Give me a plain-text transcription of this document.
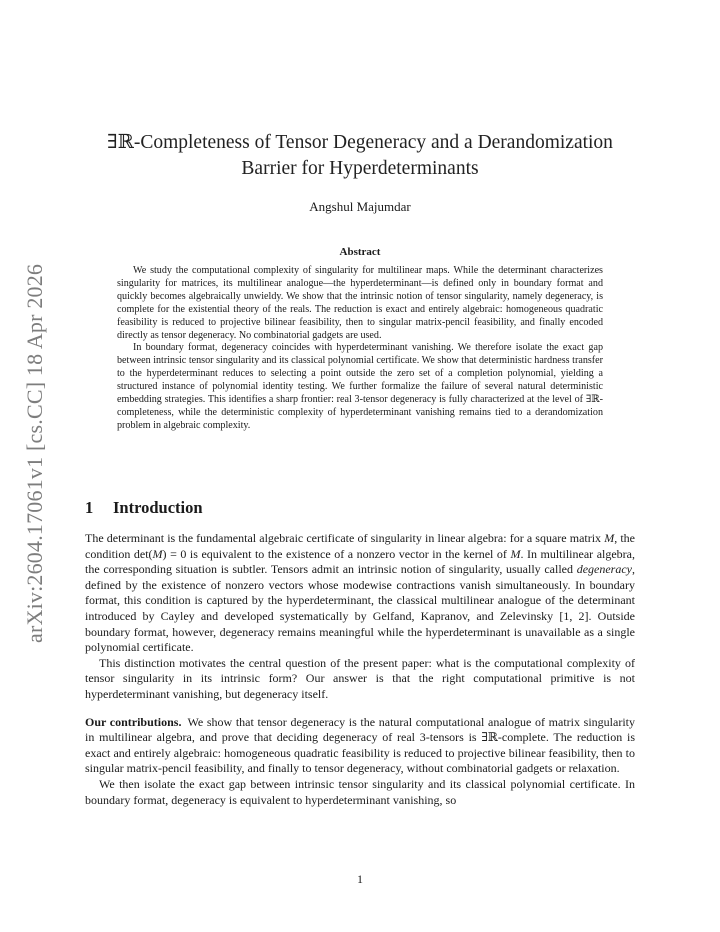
arXiv:2604.17061v1 [cs.CC] 18 Apr 2026
∃ℝ-Completeness of Tensor Degeneracy and a Derandomization
Barrier for Hyperdeterminants
Angshul Majumdar
Abstract

We study the computational complexity of singularity for multilinear maps. While the determinant characterizes singularity for matrices, its multilinear analogue—the hyperdeterminant—is defined only in boundary format and quickly becomes algebraically unwieldy. We show that the intrinsic notion of tensor singularity, namely degeneracy, is complete for the existential theory of the reals. The reduction is exact and entirely algebraic: homogeneous quadratic feasibility is reduced to projective bilinear feasibility, then to singular matrix-pencil feasibility, and finally encoded directly as tensor degeneracy. No combinatorial gadgets are used.

In boundary format, degeneracy coincides with hyperdeterminant vanishing. We therefore isolate the exact gap between intrinsic tensor singularity and its classical polynomial certificate. We show that deterministic hardness transfer to the hyperdeterminant reduces to selecting a point outside the zero set of a completion polynomial, yielding a structured instance of polynomial identity testing. We further formalize the failure of several natural deterministic embedding strategies. This identifies a sharp frontier: real 3-tensor degeneracy is fully characterized at the level of ∃ℝ-completeness, while the deterministic complexity of hyperdeterminant vanishing remains tied to a derandomization problem in algebraic complexity.

1 Introduction

The determinant is the fundamental algebraic certificate of singularity in linear algebra: for a square matrix M, the condition det(M) = 0 is equivalent to the existence of a nonzero vector in the kernel of M. In multilinear algebra, the corresponding situation is subtler. Tensors admit an intrinsic notion of singularity, usually called degeneracy, defined by the existence of nonzero vectors whose modewise contractions vanish simultaneously. In boundary format, this condition is captured by the hyperdeterminant, the classical multilinear analogue of the determinant introduced by Cayley and developed systematically by Gelfand, Kapranov, and Zelevinsky [1, 2]. Outside boundary format, however, degeneracy remains meaningful while the hyperdeterminant is unavailable as a single polynomial certificate.

This distinction motivates the central question of the present paper: what is the computational complexity of tensor singularity in its intrinsic form? Our answer is that the right computational primitive is not hyperdeterminant vanishing, but degeneracy itself.

Our contributions. We show that tensor degeneracy is the natural computational analogue of matrix singularity in multilinear algebra, and prove that deciding degeneracy of real 3-tensors is ∃ℝ-complete. The reduction is exact and entirely algebraic: homogeneous quadratic feasibility is reduced to projective bilinear feasibility, then to singular matrix-pencil feasibility, and finally to tensor degeneracy, without combinatorial gadgets or relaxation.

We then isolate the exact gap between intrinsic tensor singularity and its classical polynomial certificate. In boundary format, degeneracy is equivalent to hyperdeterminant vanishing, so

1
